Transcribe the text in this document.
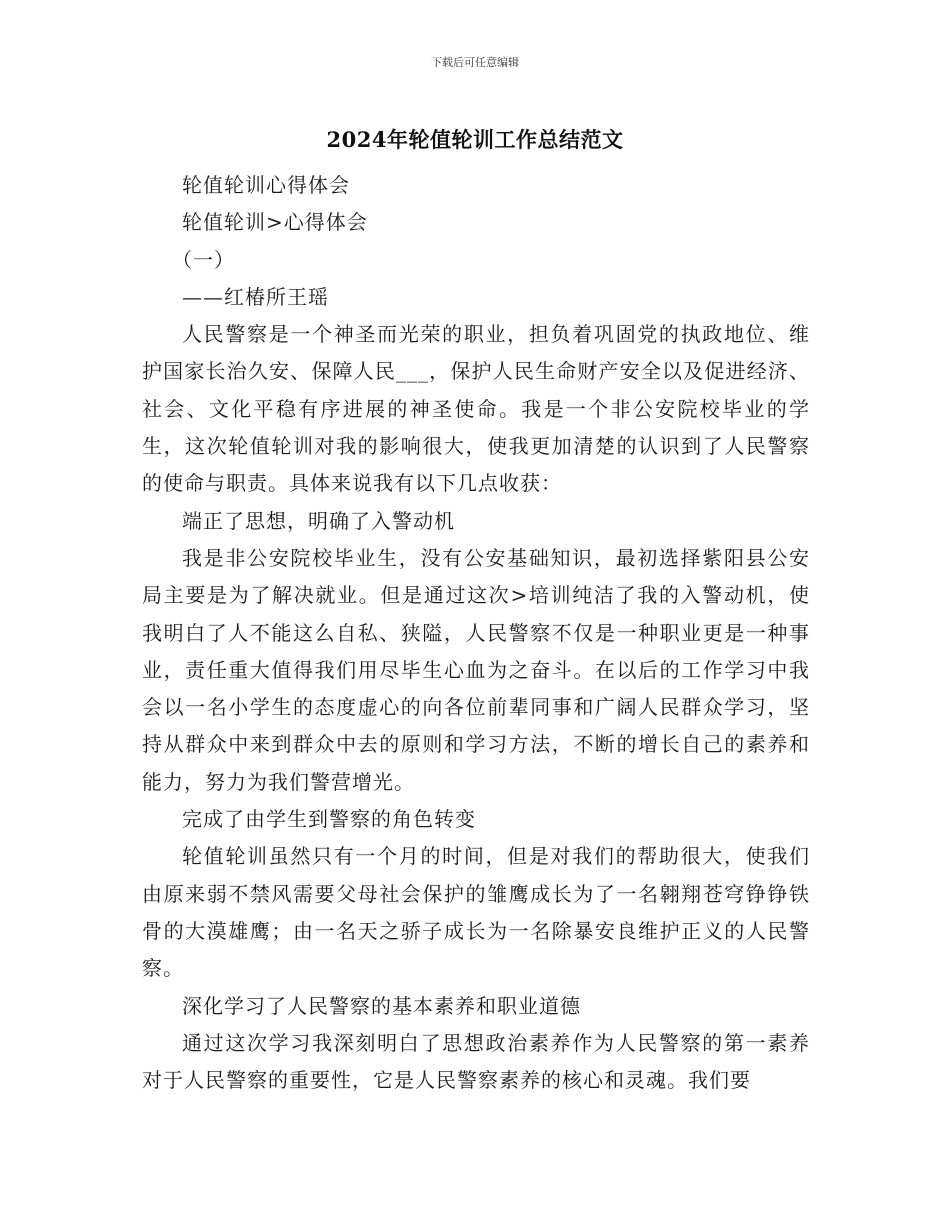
下载后可任意编辑
2024年轮值轮训工作总结范文

轮值轮训心得体会

轮值轮训>心得体会

（一）

——红椿所王瑶

人民警察是一个神圣而光荣的职业，担负着巩固党的执政地位、维护国家长治久安、保障人民___，保护人民生命财产安全以及促进经济、社会、文化平稳有序进展的神圣使命。我是一个非公安院校毕业的学生，这次轮值轮训对我的影响很大，使我更加清楚的认识到了人民警察的使命与职责。具体来说我有以下几点收获：

端正了思想，明确了入警动机

我是非公安院校毕业生，没有公安基础知识，最初选择紫阳县公安局主要是为了解决就业。但是通过这次>培训纯洁了我的入警动机，使我明白了人不能这么自私、狭隘，人民警察不仅是一种职业更是一种事业，责任重大值得我们用尽毕生心血为之奋斗。在以后的工作学习中我会以一名小学生的态度虚心的向各位前辈同事和广阔人民群众学习，坚持从群众中来到群众中去的原则和学习方法，不断的增长自己的素养和能力，努力为我们警营增光。

完成了由学生到警察的角色转变

轮值轮训虽然只有一个月的时间，但是对我们的帮助很大，使我们由原来弱不禁风需要父母社会保护的雏鹰成长为了一名翱翔苍穹铮铮铁骨的大漠雄鹰；由一名天之骄子成长为一名除暴安良维护正义的人民警察。

深化学习了人民警察的基本素养和职业道德

通过这次学习我深刻明白了思想政治素养作为人民警察的第一素养对于人民警察的重要性，它是人民警察素养的核心和灵魂。我们要
